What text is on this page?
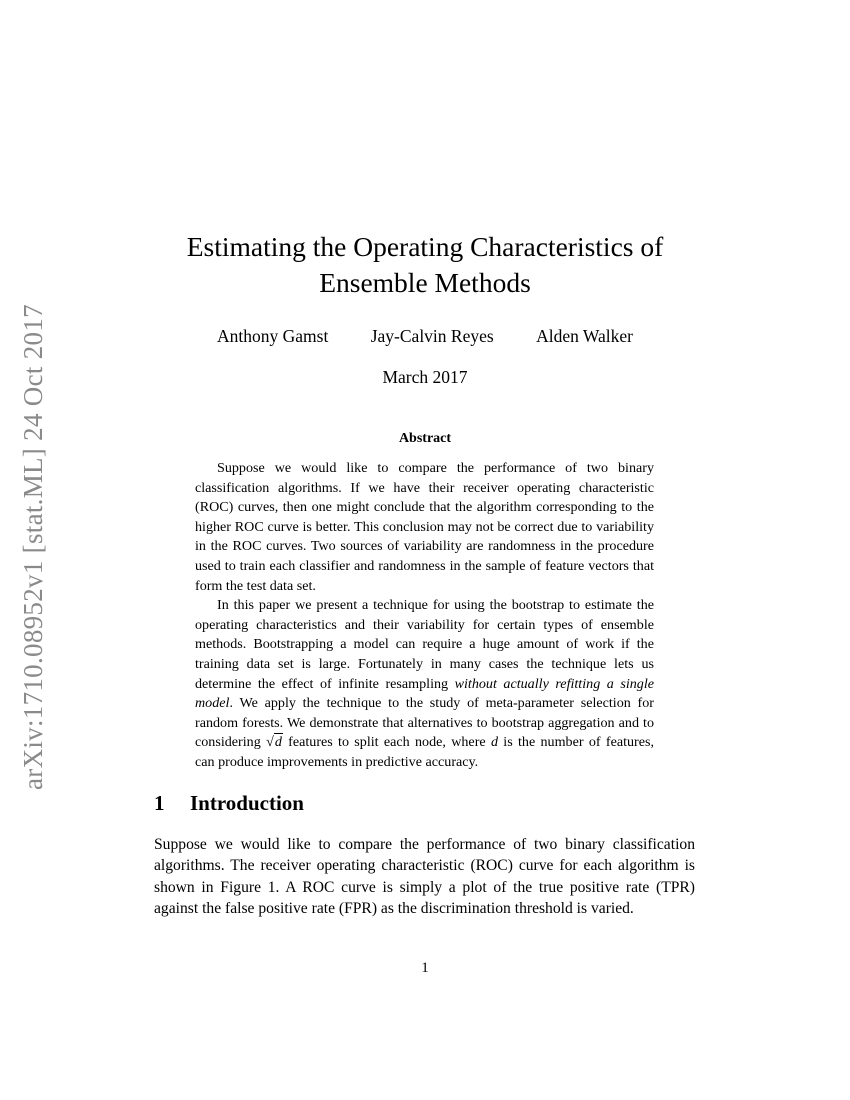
arXiv:1710.08952v1 [stat.ML] 24 Oct 2017
Estimating the Operating Characteristics of
Ensemble Methods
Anthony Gamst Jay-Calvin Reyes Alden Walker
March 2017
Abstract

Suppose we would like to compare the performance of two binary classification algorithms. If we have their receiver operating characteristic (ROC) curves, then one might conclude that the algorithm corresponding to the higher ROC curve is better. This conclusion may not be correct due to variability in the ROC curves. Two sources of variability are randomness in the procedure used to train each classifier and randomness in the sample of feature vectors that form the test data set.

In this paper we present a technique for using the bootstrap to estimate the operating characteristics and their variability for certain types of ensemble methods. Bootstrapping a model can require a huge amount of work if the training data set is large. Fortunately in many cases the technique lets us determine the effect of infinite resampling without actually refitting a single model. We apply the technique to the study of meta-parameter selection for random forests. We demonstrate that alternatives to bootstrap aggregation and to considering √d features to split each node, where d is the number of features, can produce improvements in predictive accuracy.

1 Introduction

Suppose we would like to compare the performance of two binary classification algorithms. The receiver operating characteristic (ROC) curve for each algorithm is shown in Figure 1. A ROC curve is simply a plot of the true positive rate (TPR) against the false positive rate (FPR) as the discrimination threshold is varied.

1
